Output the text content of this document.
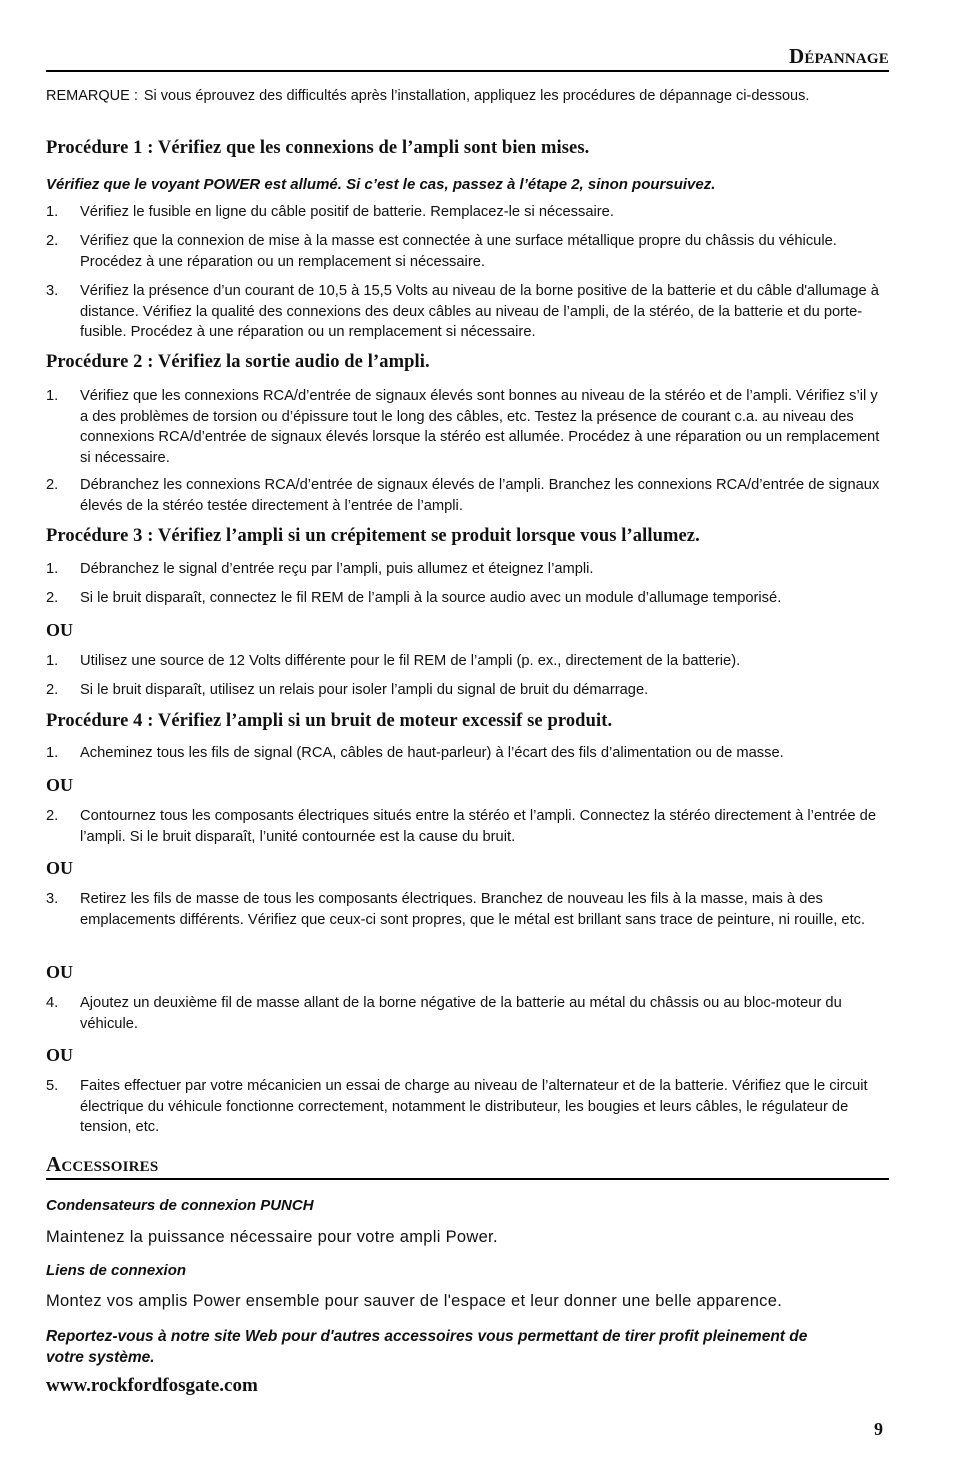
Dépannage
REMARQUE : Si vous éprouvez des difficultés après l’installation, appliquez les procédures de dépannage ci-dessous.
Procédure 1 : Vérifiez que les connexions de l’ampli sont bien mises.
Vérifiez que le voyant POWER est allumé. Si c’est le cas, passez à l’étape 2, sinon poursuivez.
1.	Vérifiez le fusible en ligne du câble positif de batterie. Remplacez-le si nécessaire.
2.	Vérifiez que la connexion de mise à la masse est connectée à une surface métallique propre du châssis du véhicule. Procédez à une réparation ou un remplacement si nécessaire.
3.	Vérifiez la présence d’un courant de 10,5 à 15,5 Volts au niveau de la borne positive de la batterie et du câble d'allumage à distance. Vérifiez la qualité des connexions des deux câbles au niveau de l’ampli, de la stéréo, de la batterie et du porte-fusible. Procédez à une réparation ou un remplacement si nécessaire.
Procédure 2 : Vérifiez la sortie audio de l’ampli.
1.	Vérifiez que les connexions RCA/d’entrée de signaux élevés sont bonnes au niveau de la stéréo et de l’ampli. Vérifiez s’il y a des problèmes de torsion ou d’épissure tout le long des câbles, etc. Testez la présence de courant c.a. au niveau des connexions RCA/d’entrée de signaux élevés lorsque la stéréo est allumée. Procédez à une réparation ou un remplacement si nécessaire.
2.	Débranchez les connexions RCA/d’entrée de signaux élevés de l’ampli. Branchez les connexions RCA/d’entrée de signaux élevés de la stéréo testée directement à l’entrée de l’ampli.
Procédure 3 : Vérifiez l’ampli si un crépitement se produit lorsque vous l’allumez.
1.	Débranchez le signal d’entrée reçu par l’ampli, puis allumez et éteignez l’ampli.
2.	Si le bruit disparaît, connectez le fil REM de l’ampli à la source audio avec un module d’allumage temporisé.
OU
1.	Utilisez une source de 12 Volts différente pour le fil REM de l’ampli (p. ex., directement de la batterie).
2.	Si le bruit disparaît, utilisez un relais pour isoler l’ampli du signal de bruit du démarrage.
Procédure 4 : Vérifiez l’ampli si un bruit de moteur excessif se produit.
1.	Acheminez tous les fils de signal (RCA, câbles de haut-parleur) à l’écart des fils d’alimentation ou de masse.
OU
2.	Contournez tous les composants électriques situés entre la stéréo et l’ampli. Connectez la stéréo directement à l’entrée de l’ampli. Si le bruit disparaît, l’unité contournée est la cause du bruit.
OU
3.	Retirez les fils de masse de tous les composants électriques. Branchez de nouveau les fils à la masse, mais à des emplacements différents. Vérifiez que ceux-ci sont propres, que le métal est brillant sans trace de peinture, ni rouille, etc.
OU
4.	Ajoutez un deuxième fil de masse allant de la borne négative de la batterie au métal du châssis ou au bloc-moteur du véhicule.
OU
5.	Faites effectuer par votre mécanicien un essai de charge au niveau de l’alternateur et de la batterie. Vérifiez que le circuit électrique du véhicule fonctionne correctement, notamment le distributeur, les bougies et leurs câbles, le régulateur de tension, etc.
Accessoires
Condensateurs de connexion PUNCH
Maintenez la puissance nécessaire pour votre ampli Power.
Liens de connexion
Montez vos amplis Power ensemble pour sauver de l'espace et leur donner une belle apparence.
Reportez-vous à notre site Web pour d'autres accessoires vous permettant de tirer profit pleinement de votre système.
www.rockfordfosgate.com
9
